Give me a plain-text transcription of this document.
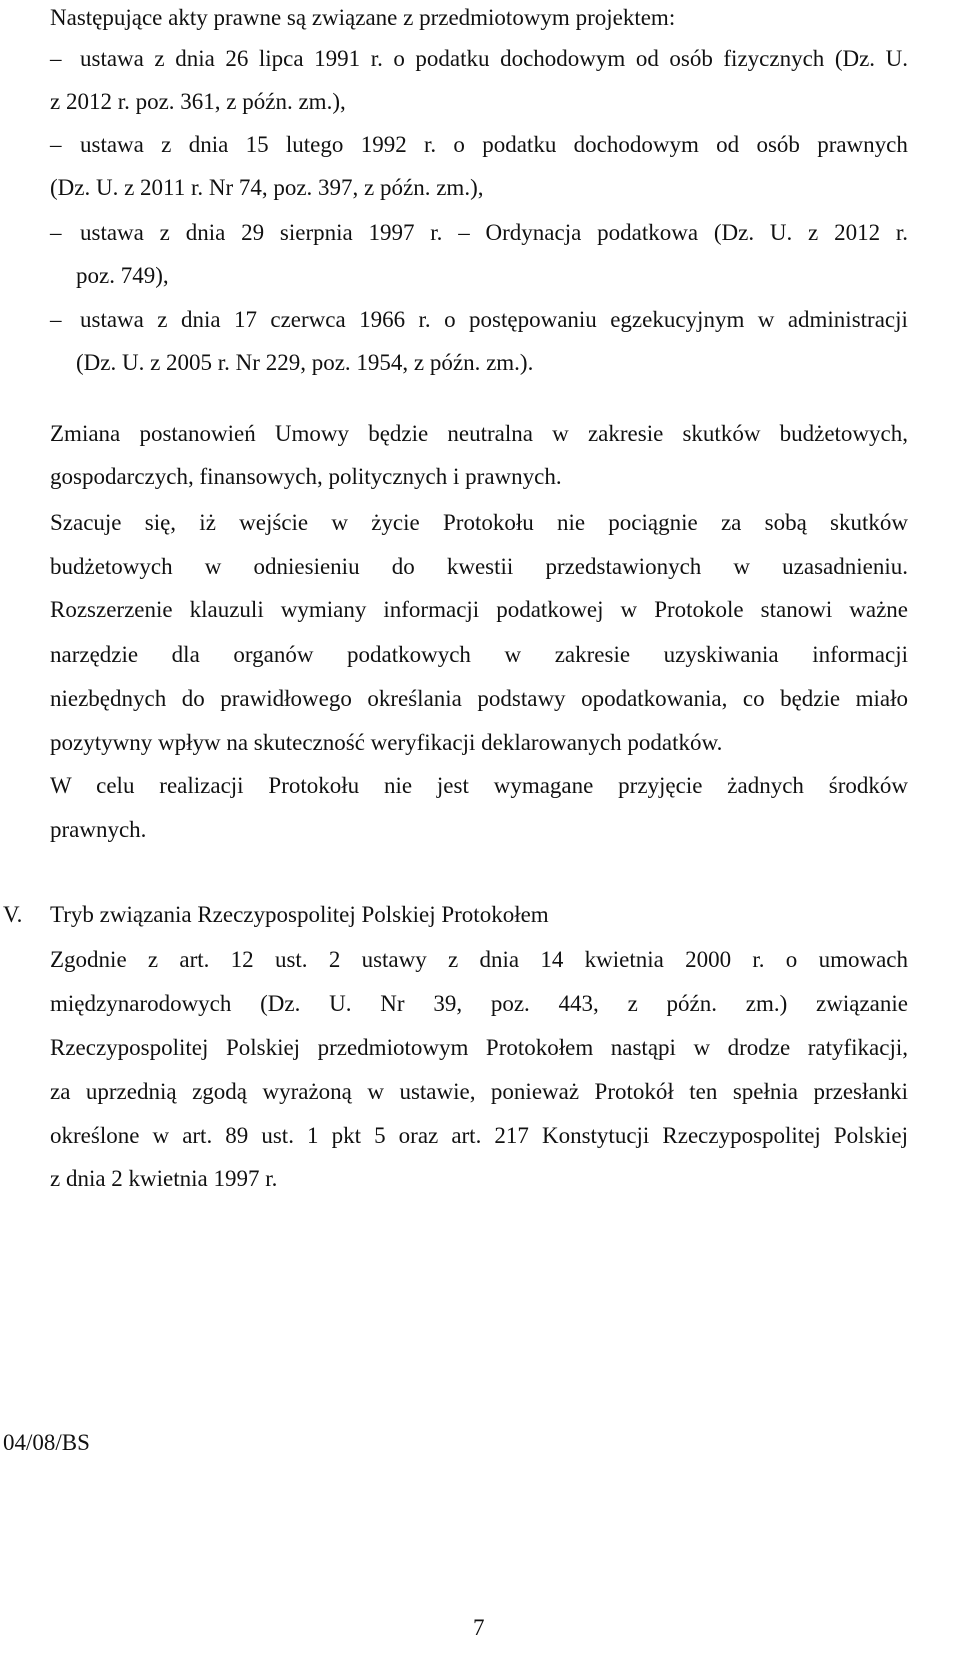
Następujące akty prawne są związane z przedmiotowym projektem:
– ustawa z dnia 26 lipca 1991 r. o podatku dochodowym od osób fizycznych (Dz. U.
z 2012 r. poz. 361, z późn. zm.),
– ustawa z dnia 15 lutego 1992 r. o podatku dochodowym od osób prawnych
(Dz. U. z 2011 r. Nr 74, poz. 397, z późn. zm.),
– ustawa z dnia 29 sierpnia 1997 r. – Ordynacja podatkowa (Dz. U. z 2012 r.
poz. 749),
– ustawa z dnia 17 czerwca 1966 r. o postępowaniu egzekucyjnym w administracji
(Dz. U. z 2005 r. Nr 229, poz. 1954, z późn. zm.).
Zmiana postanowień Umowy będzie neutralna w zakresie skutków budżetowych,
gospodarczych, finansowych, politycznych i prawnych.
Szacuje się, iż wejście w życie Protokołu nie pociągnie za sobą skutków
budżetowych w odniesieniu do kwestii przedstawionych w uzasadnieniu.
Rozszerzenie klauzuli wymiany informacji podatkowej w Protokole stanowi ważne
narzędzie dla organów podatkowych w zakresie uzyskiwania informacji
niezbędnych do prawidłowego określania podstawy opodatkowania, co będzie miało
pozytywny wpływ na skuteczność weryfikacji deklarowanych podatków.
W celu realizacji Protokołu nie jest wymagane przyjęcie żadnych środków
prawnych.
V. Tryb związania Rzeczypospolitej Polskiej Protokołem
Zgodnie z art. 12 ust. 2 ustawy z dnia 14 kwietnia 2000 r. o umowach
międzynarodowych (Dz. U. Nr 39, poz. 443, z późn. zm.) związanie
Rzeczypospolitej Polskiej przedmiotowym Protokołem nastąpi w drodze ratyfikacji,
za uprzednią zgodą wyrażoną w ustawie, ponieważ Protokół ten spełnia przesłanki
określone w art. 89 ust. 1 pkt 5 oraz art. 217 Konstytucji Rzeczypospolitej Polskiej
z dnia 2 kwietnia 1997 r.
04/08/BS
7
